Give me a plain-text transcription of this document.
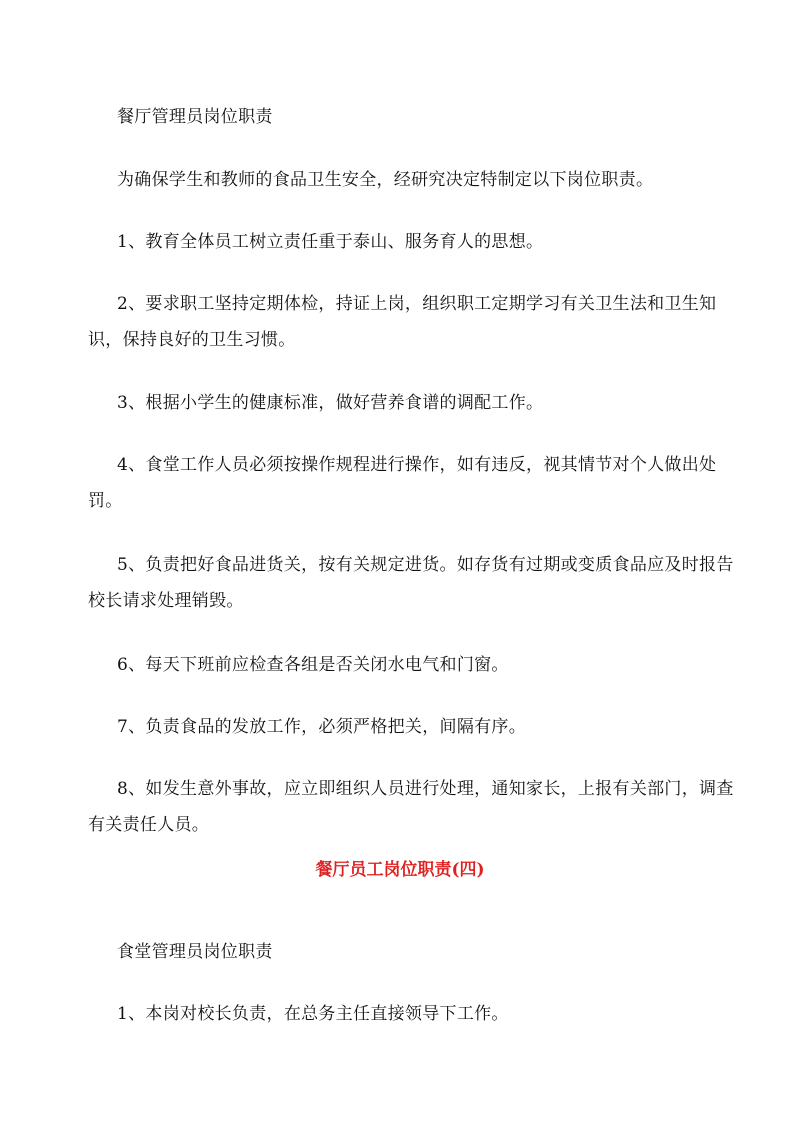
餐厅管理员岗位职责

为确保学生和教师的食品卫生安全，经研究决定特制定以下岗位职责。

1、教育全体员工树立责任重于泰山、服务育人的思想。

2、要求职工坚持定期体检，持证上岗，组织职工定期学习有关卫生法和卫生知识，保持良好的卫生习惯。

3、根据小学生的健康标准，做好营养食谱的调配工作。

4、食堂工作人员必须按操作规程进行操作，如有违反，视其情节对个人做出处罚。

5、负责把好食品进货关，按有关规定进货。如存货有过期或变质食品应及时报告校长请求处理销毁。

6、每天下班前应检查各组是否关闭水电气和门窗。

7、负责食品的发放工作，必须严格把关，间隔有序。

8、如发生意外事故，应立即组织人员进行处理，通知家长，上报有关部门，调查有关责任人员。

餐厅员工岗位职责(四)

食堂管理员岗位职责

1、本岗对校长负责，在总务主任直接领导下工作。
